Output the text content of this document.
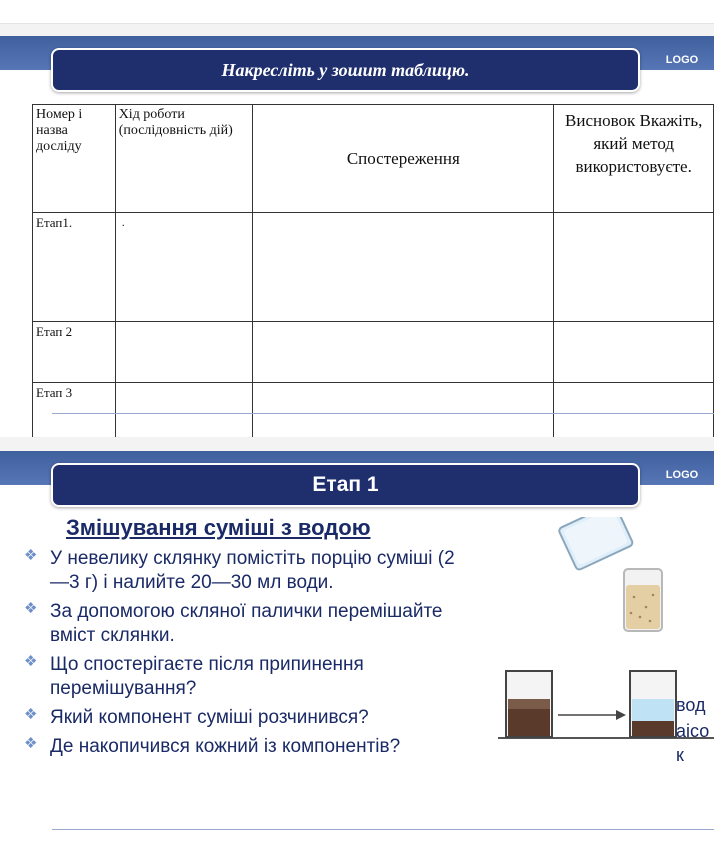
Накресліть у зошит таблицю.	LOGO
Номер і назва досліду	Хід роботи (послідовність дій)	Спостереження	Висновок Вкажіть, який метод використовуєте.
Етап1.	.		
Етап 2			
Етап 3			
Етап 1	LOGO
Змішування суміші з водою
❖ У невелику склянку помістіть порцію суміші (2—3 г) і налийте 20—30 мл води.
❖ За допомогою скляної палички перемішайте вміст склянки.
❖ Що спостерігаєте після припинення перемішування?
❖ Який компонент суміші розчинився?
❖ Де накопичився кожний із компонентів?
вод
аісо
к
